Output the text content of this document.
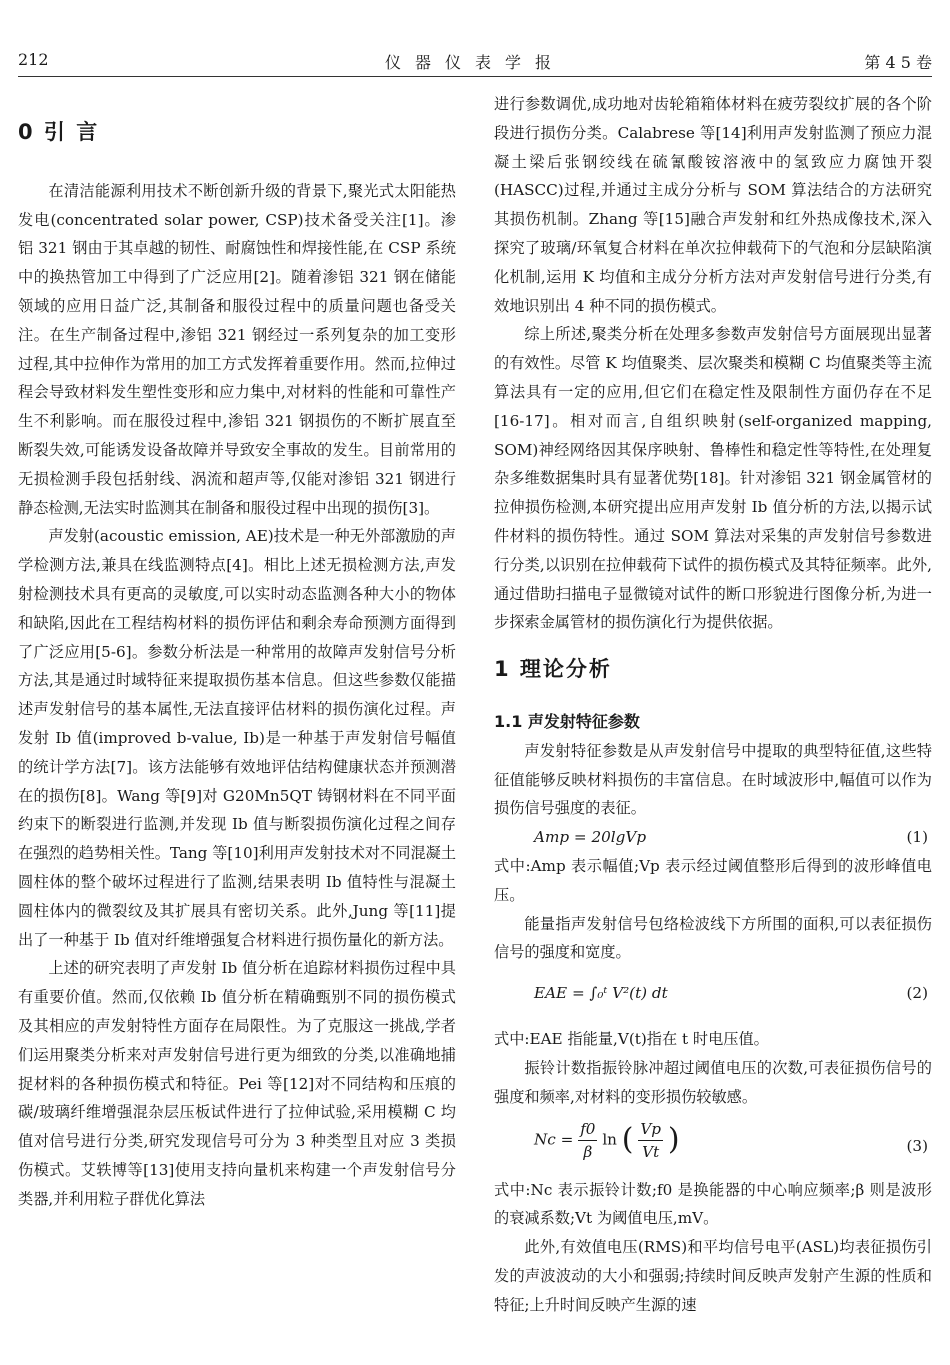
212	仪器仪表学报	第 4 5 卷
0 引 言

在清洁能源利用技术不断创新升级的背景下,聚光式太阳能热发电(concentrated solar power, CSP)技术备受关注[1]。渗铝 321 钢由于其卓越的韧性、耐腐蚀性和焊接性能,在 CSP 系统中的换热管加工中得到了广泛应用[2]。随着渗铝 321 钢在储能领域的应用日益广泛,其制备和服役过程中的质量问题也备受关注。在生产制备过程中,渗铝 321 钢经过一系列复杂的加工变形过程,其中拉伸作为常用的加工方式发挥着重要作用。然而,拉伸过程会导致材料发生塑性变形和应力集中,对材料的性能和可靠性产生不利影响。而在服役过程中,渗铝 321 钢损伤的不断扩展直至断裂失效,可能诱发设备故障并导致安全事故的发生。目前常用的无损检测手段包括射线、涡流和超声等,仅能对渗铝 321 钢进行静态检测,无法实时监测其在制备和服役过程中出现的损伤[3]。

声发射(acoustic emission, AE)技术是一种无外部激励的声学检测方法,兼具在线监测特点[4]。相比上述无损检测方法,声发射检测技术具有更高的灵敏度,可以实时动态监测各种大小的物体和缺陷,因此在工程结构材料的损伤评估和剩余寿命预测方面得到了广泛应用[5-6]。参数分析法是一种常用的故障声发射信号分析方法,其是通过时域特征来提取损伤基本信息。但这些参数仅能描述声发射信号的基本属性,无法直接评估材料的损伤演化过程。声发射 Ib 值(improved b-value, Ib)是一种基于声发射信号幅值的统计学方法[7]。该方法能够有效地评估结构健康状态并预测潜在的损伤[8]。Wang 等[9]对 G20Mn5QT 铸钢材料在不同平面约束下的断裂进行监测,并发现 Ib 值与断裂损伤演化过程之间存在强烈的趋势相关性。Tang 等[10]利用声发射技术对不同混凝土圆柱体的整个破坏过程进行了监测,结果表明 Ib 值特性与混凝土圆柱体内的微裂纹及其扩展具有密切关系。此外,Jung 等[11]提出了一种基于 Ib 值对纤维增强复合材料进行损伤量化的新方法。

上述的研究表明了声发射 Ib 值分析在追踪材料损伤过程中具有重要价值。然而,仅依赖 Ib 值分析在精确甄别不同的损伤模式及其相应的声发射特性方面存在局限性。为了克服这一挑战,学者们运用聚类分析来对声发射信号进行更为细致的分类,以准确地捕捉材料的各种损伤模式和特征。Pei 等[12]对不同结构和压痕的碳/玻璃纤维增强混杂层压板试件进行了拉伸试验,采用模糊 C 均值对信号进行分类,研究发现信号可分为 3 种类型且对应 3 类损伤模式。艾轶博等[13]使用支持向量机来构建一个声发射信号分类器,并利用粒子群优化算法

进行参数调优,成功地对齿轮箱箱体材料在疲劳裂纹扩展的各个阶段进行损伤分类。Calabrese 等[14]利用声发射监测了预应力混凝土梁后张钢绞线在硫氰酸铵溶液中的氢致应力腐蚀开裂(HASCC)过程,并通过主成分分析与 SOM 算法结合的方法研究其损伤机制。Zhang 等[15]融合声发射和红外热成像技术,深入探究了玻璃/环氧复合材料在单次拉伸载荷下的气泡和分层缺陷演化机制,运用 K 均值和主成分分析方法对声发射信号进行分类,有效地识别出 4 种不同的损伤模式。

综上所述,聚类分析在处理多参数声发射信号方面展现出显著的有效性。尽管 K 均值聚类、层次聚类和模糊 C 均值聚类等主流算法具有一定的应用,但它们在稳定性及限制性方面仍存在不足[16-17]。相对而言,自组织映射(self-organized mapping, SOM)神经网络因其保序映射、鲁棒性和稳定性等特性,在处理复杂多维数据集时具有显著优势[18]。针对渗铝 321 钢金属管材的拉伸损伤检测,本研究提出应用声发射 Ib 值分析的方法,以揭示试件材料的损伤特性。通过 SOM 算法对采集的声发射信号参数进行分类,以识别在拉伸载荷下试件的损伤模式及其特征频率。此外,通过借助扫描电子显微镜对试件的断口形貌进行图像分析,为进一步探索金属管材的损伤演化行为提供依据。

1 理论分析
1.1 声发射特征参数

声发射特征参数是从声发射信号中提取的典型特征值,这些特征值能够反映材料损伤的丰富信息。在时域波形中,幅值可以作为损伤信号强度的表征。

Amp = 20lgVp	(1)

式中:Amp 表示幅值;Vp 表示经过阈值整形后得到的波形峰值电压。

能量指声发射信号包络检波线下方所围的面积,可以表征损伤信号的强度和宽度。

EAE = ∫₀ᵗ V²(t) dt	(2)

式中:EAE 指能量,V(t)指在 t 时电压值。

振铃计数指振铃脉冲超过阈值电压的次数,可表征损伤信号的强度和频率,对材料的变形损伤较敏感。

$Nc = \frac{f0}{\beta}$ ln ( $\frac{Vp}{Vt}$ )	(3)

式中:Nc 表示振铃计数;f0 是换能器的中心响应频率;β 则是波形的衰减系数;Vt 为阈值电压,mV。

此外,有效值电压(RMS)和平均信号电平(ASL)均表征损伤引发的声波波动的大小和强弱;持续时间反映声发射产生源的性质和特征;上升时间反映产生源的速
